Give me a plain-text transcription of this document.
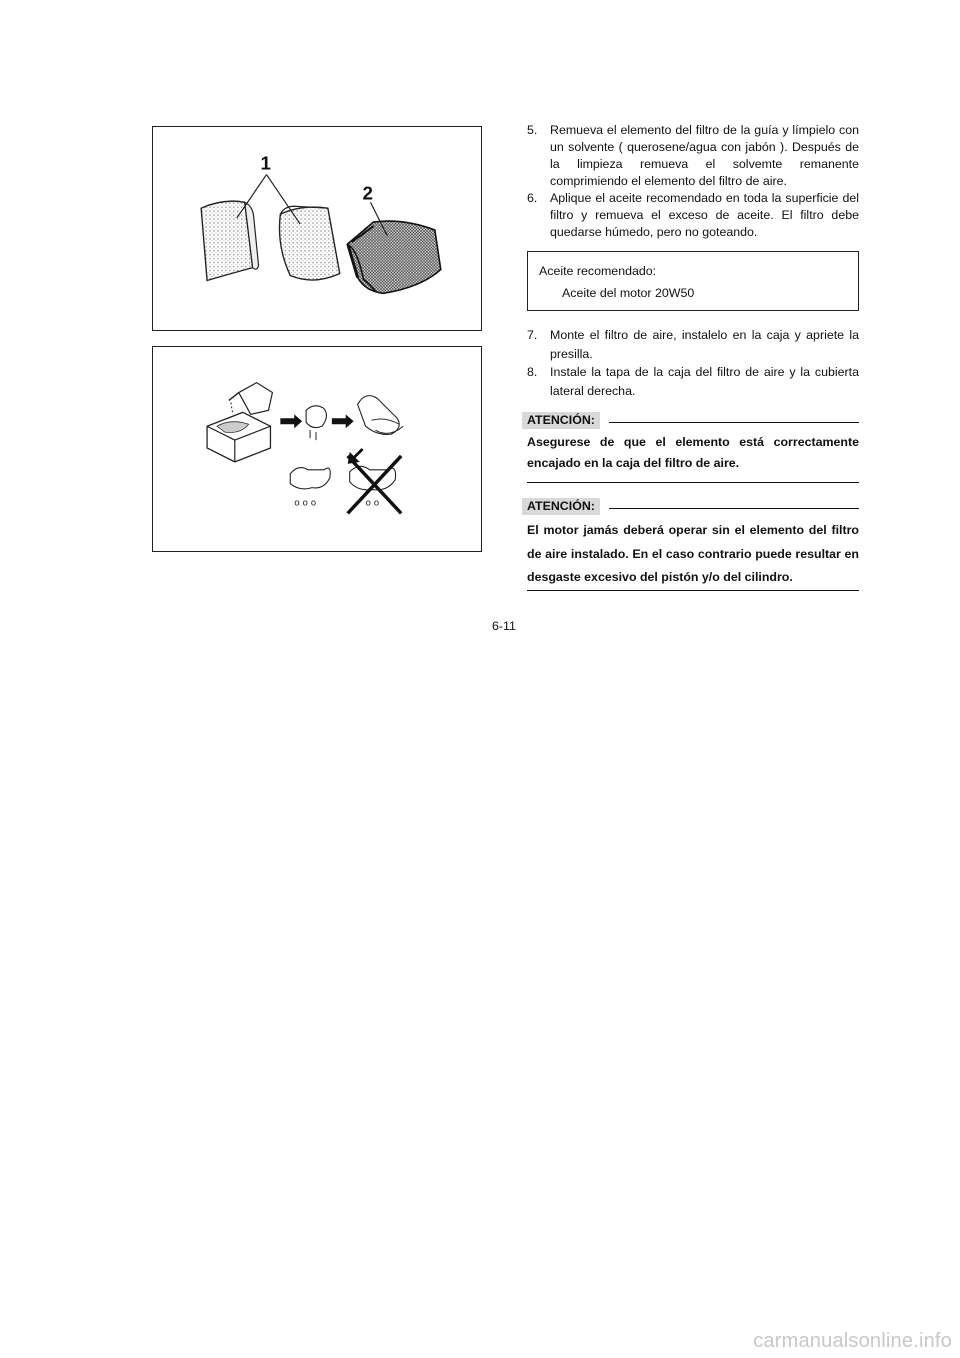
1
2
o o o	o o
5.	Remueva el elemento del filtro de la guía y límpielo con un solvente ( querosene/agua con jabón ). Después de la limpieza remueva el solvemte remanente comprimiendo el elemento del filtro de aire.
6.	Aplique el aceite recomendado en toda la superficie del filtro y remueva el exceso de aceite. El filtro debe quedarse húmedo, pero no goteando.
Aceite recomendado:
Aceite del motor 20W50
7.	Monte el filtro de aire, instalelo en la caja y apriete la presilla.
8.	Instale la tapa de la caja del filtro de aire y la cubierta lateral derecha.
ATENCIÓN:
Asegurese de que el elemento está correctamente encajado en la caja del filtro de aire.
ATENCIÓN:
El motor jamás deberá operar sin el elemento del filtro de aire instalado. En el caso contrario puede resultar en desgaste excesivo del pistón y/o del cilindro.
6-11
carmanualsonline.info
